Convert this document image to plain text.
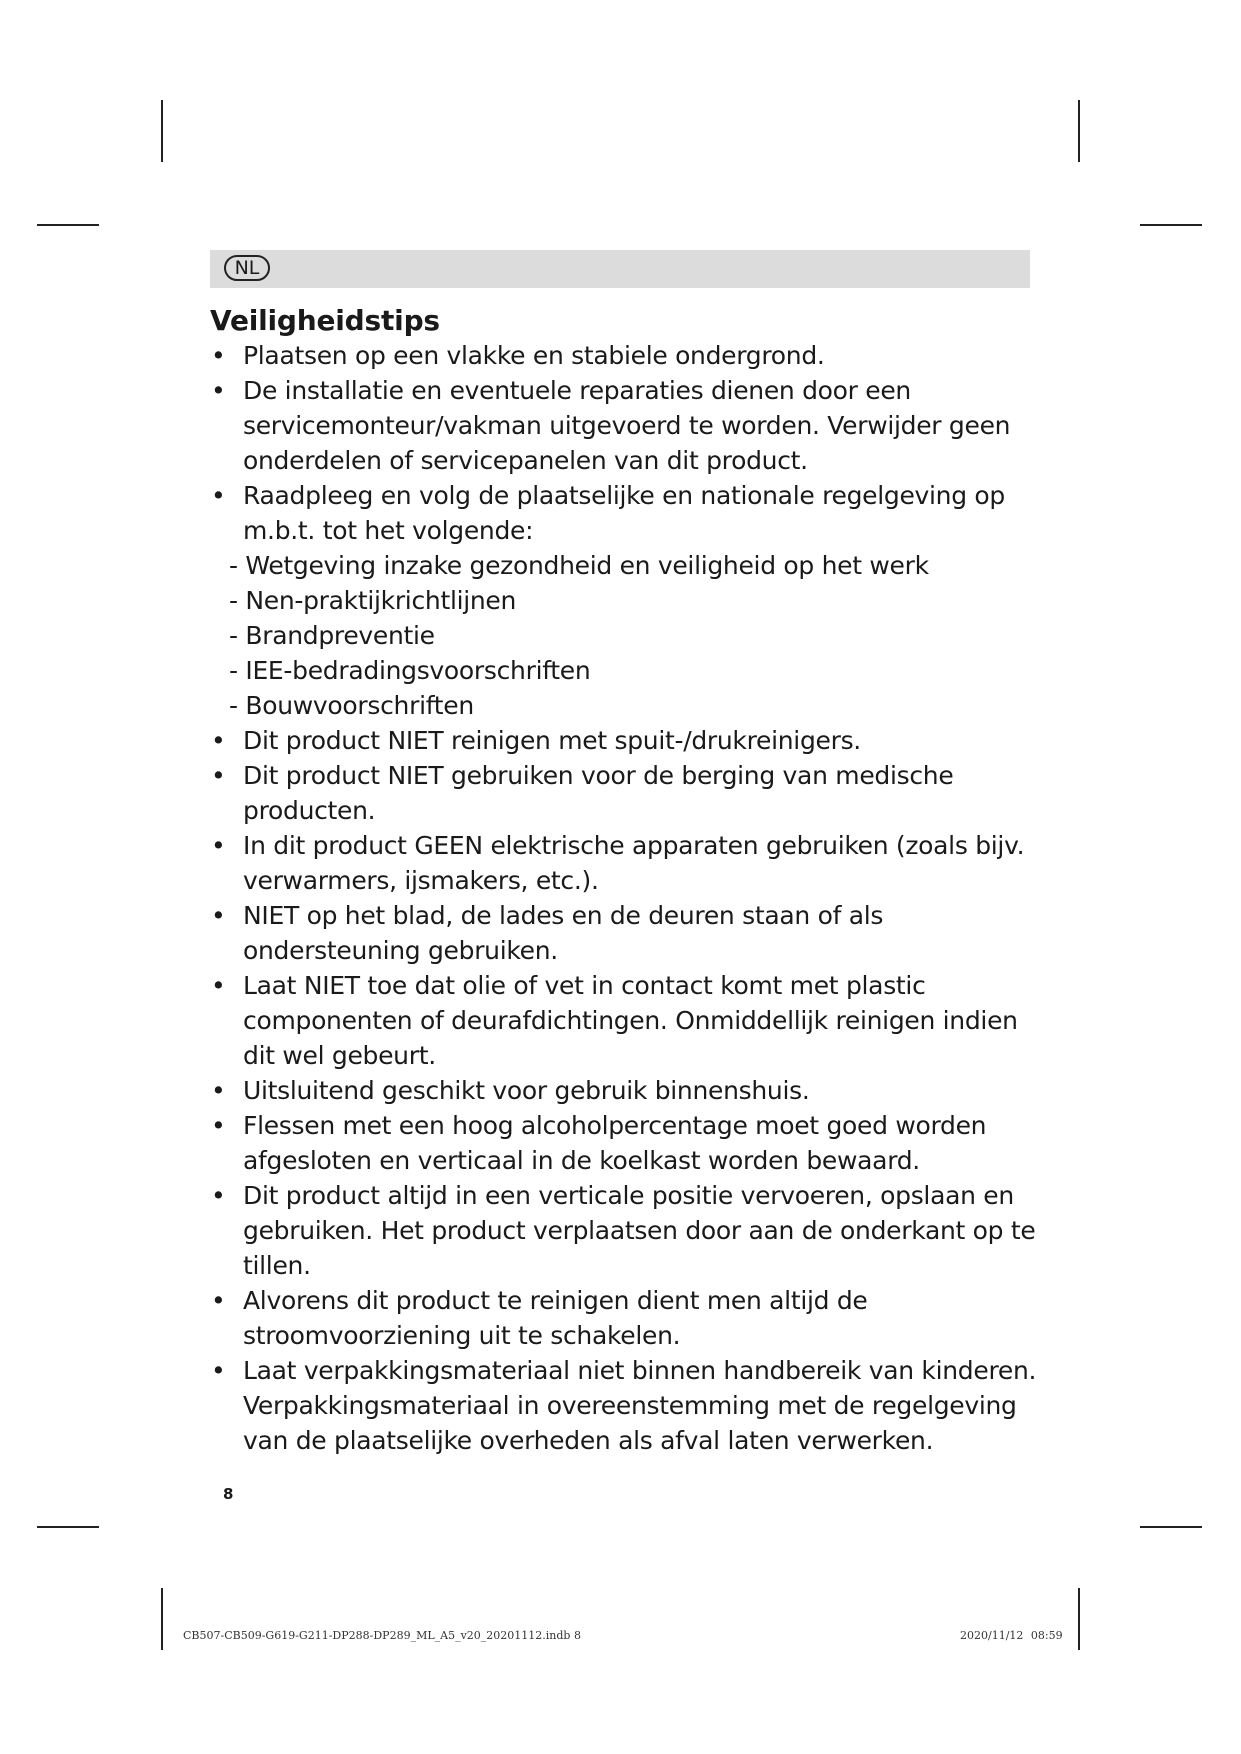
NL
Veiligheidstips
• Plaatsen op een vlakke en stabiele ondergrond.
• De installatie en eventuele reparaties dienen door een servicemonteur/vakman uitgevoerd te worden. Verwijder geen onderdelen of servicepanelen van dit product.
• Raadpleeg en volg de plaatselijke en nationale regelgeving op m.b.t. tot het volgende:
- Wetgeving inzake gezondheid en veiligheid op het werk
- Nen-praktijkrichtlijnen
- Brandpreventie
- IEE-bedradingsvoorschriften
- Bouwvoorschriften
• Dit product NIET reinigen met spuit-/drukreinigers.
• Dit product NIET gebruiken voor de berging van medische producten.
• In dit product GEEN elektrische apparaten gebruiken (zoals bijv. verwarmers, ijsmakers, etc.).
• NIET op het blad, de lades en de deuren staan of als ondersteuning gebruiken.
• Laat NIET toe dat olie of vet in contact komt met plastic componenten of deurafdichtingen. Onmiddellijk reinigen indien dit wel gebeurt.
• Uitsluitend geschikt voor gebruik binnenshuis.
• Flessen met een hoog alcoholpercentage moet goed worden afgesloten en verticaal in de koelkast worden bewaard.
• Dit product altijd in een verticale positie vervoeren, opslaan en gebruiken. Het product verplaatsen door aan de onderkant op te tillen.
• Alvorens dit product te reinigen dient men altijd de stroomvoorziening uit te schakelen.
• Laat verpakkingsmateriaal niet binnen handbereik van kinderen. Verpakkingsmateriaal in overeenstemming met de regelgeving van de plaatselijke overheden als afval laten verwerken.
8
CB507-CB509-G619-G211-DP288-DP289_ML_A5_v20_20201112.indb 8	2020/11/12 08:59
